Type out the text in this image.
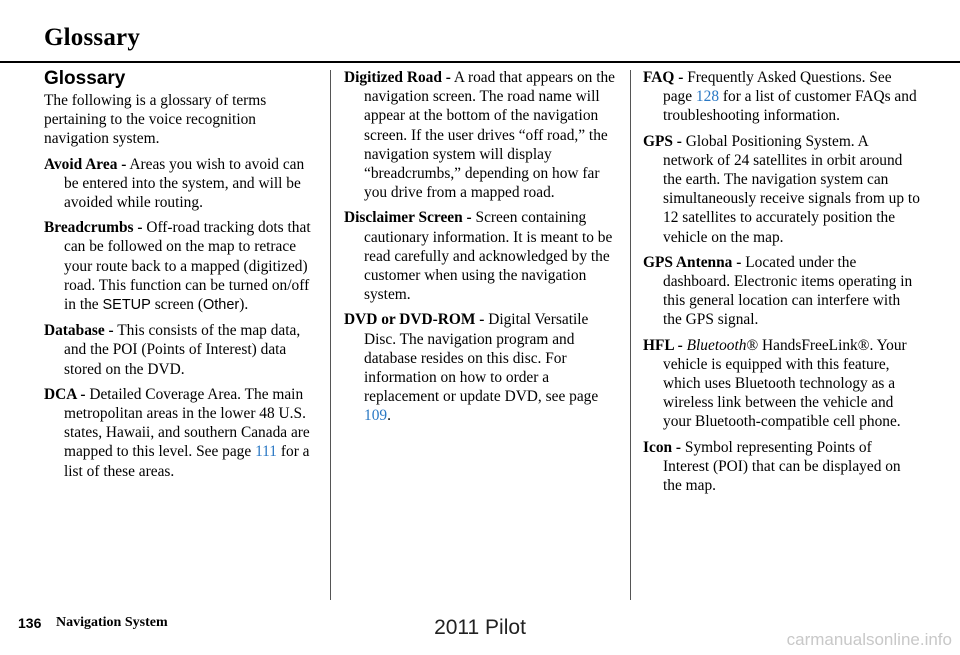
Glossary
Glossary

The following is a glossary of terms pertaining to the voice recognition navigation system.

Avoid Area - Areas you wish to avoid can be entered into the system, and will be avoided while routing.

Breadcrumbs - Off-road tracking dots that can be followed on the map to retrace your route back to a mapped (digitized) road. This function can be turned on/off in the SETUP screen (Other).

Database - This consists of the map data, and the POI (Points of Interest) data stored on the DVD.

DCA - Detailed Coverage Area. The main metropolitan areas in the lower 48 U.S. states, Hawaii, and southern Canada are mapped to this level. See page 111 for a list of these areas.

Digitized Road - A road that appears on the navigation screen. The road name will appear at the bottom of the navigation screen. If the user drives “off road,” the navigation system will display “breadcrumbs,” depending on how far you drive from a mapped road.

Disclaimer Screen - Screen containing cautionary information. It is meant to be read carefully and acknowledged by the customer when using the navigation system.

DVD or DVD-ROM - Digital Versatile Disc. The navigation program and database resides on this disc. For information on how to order a replacement or update DVD, see page 109.

FAQ - Frequently Asked Questions. See page 128 for a list of customer FAQs and troubleshooting information.

GPS - Global Positioning System. A network of 24 satellites in orbit around the earth. The navigation system can simultaneously receive signals from up to 12 satellites to accurately position the vehicle on the map.

GPS Antenna - Located under the dashboard. Electronic items operating in this general location can interfere with the GPS signal.

HFL - Bluetooth® HandsFreeLink®. Your vehicle is equipped with this feature, which uses Bluetooth technology as a wireless link between the vehicle and your Bluetooth-compatible cell phone.

Icon - Symbol representing Points of Interest (POI) that can be displayed on the map.

136 Navigation System	2011 Pilot
carmanualsonline.info
